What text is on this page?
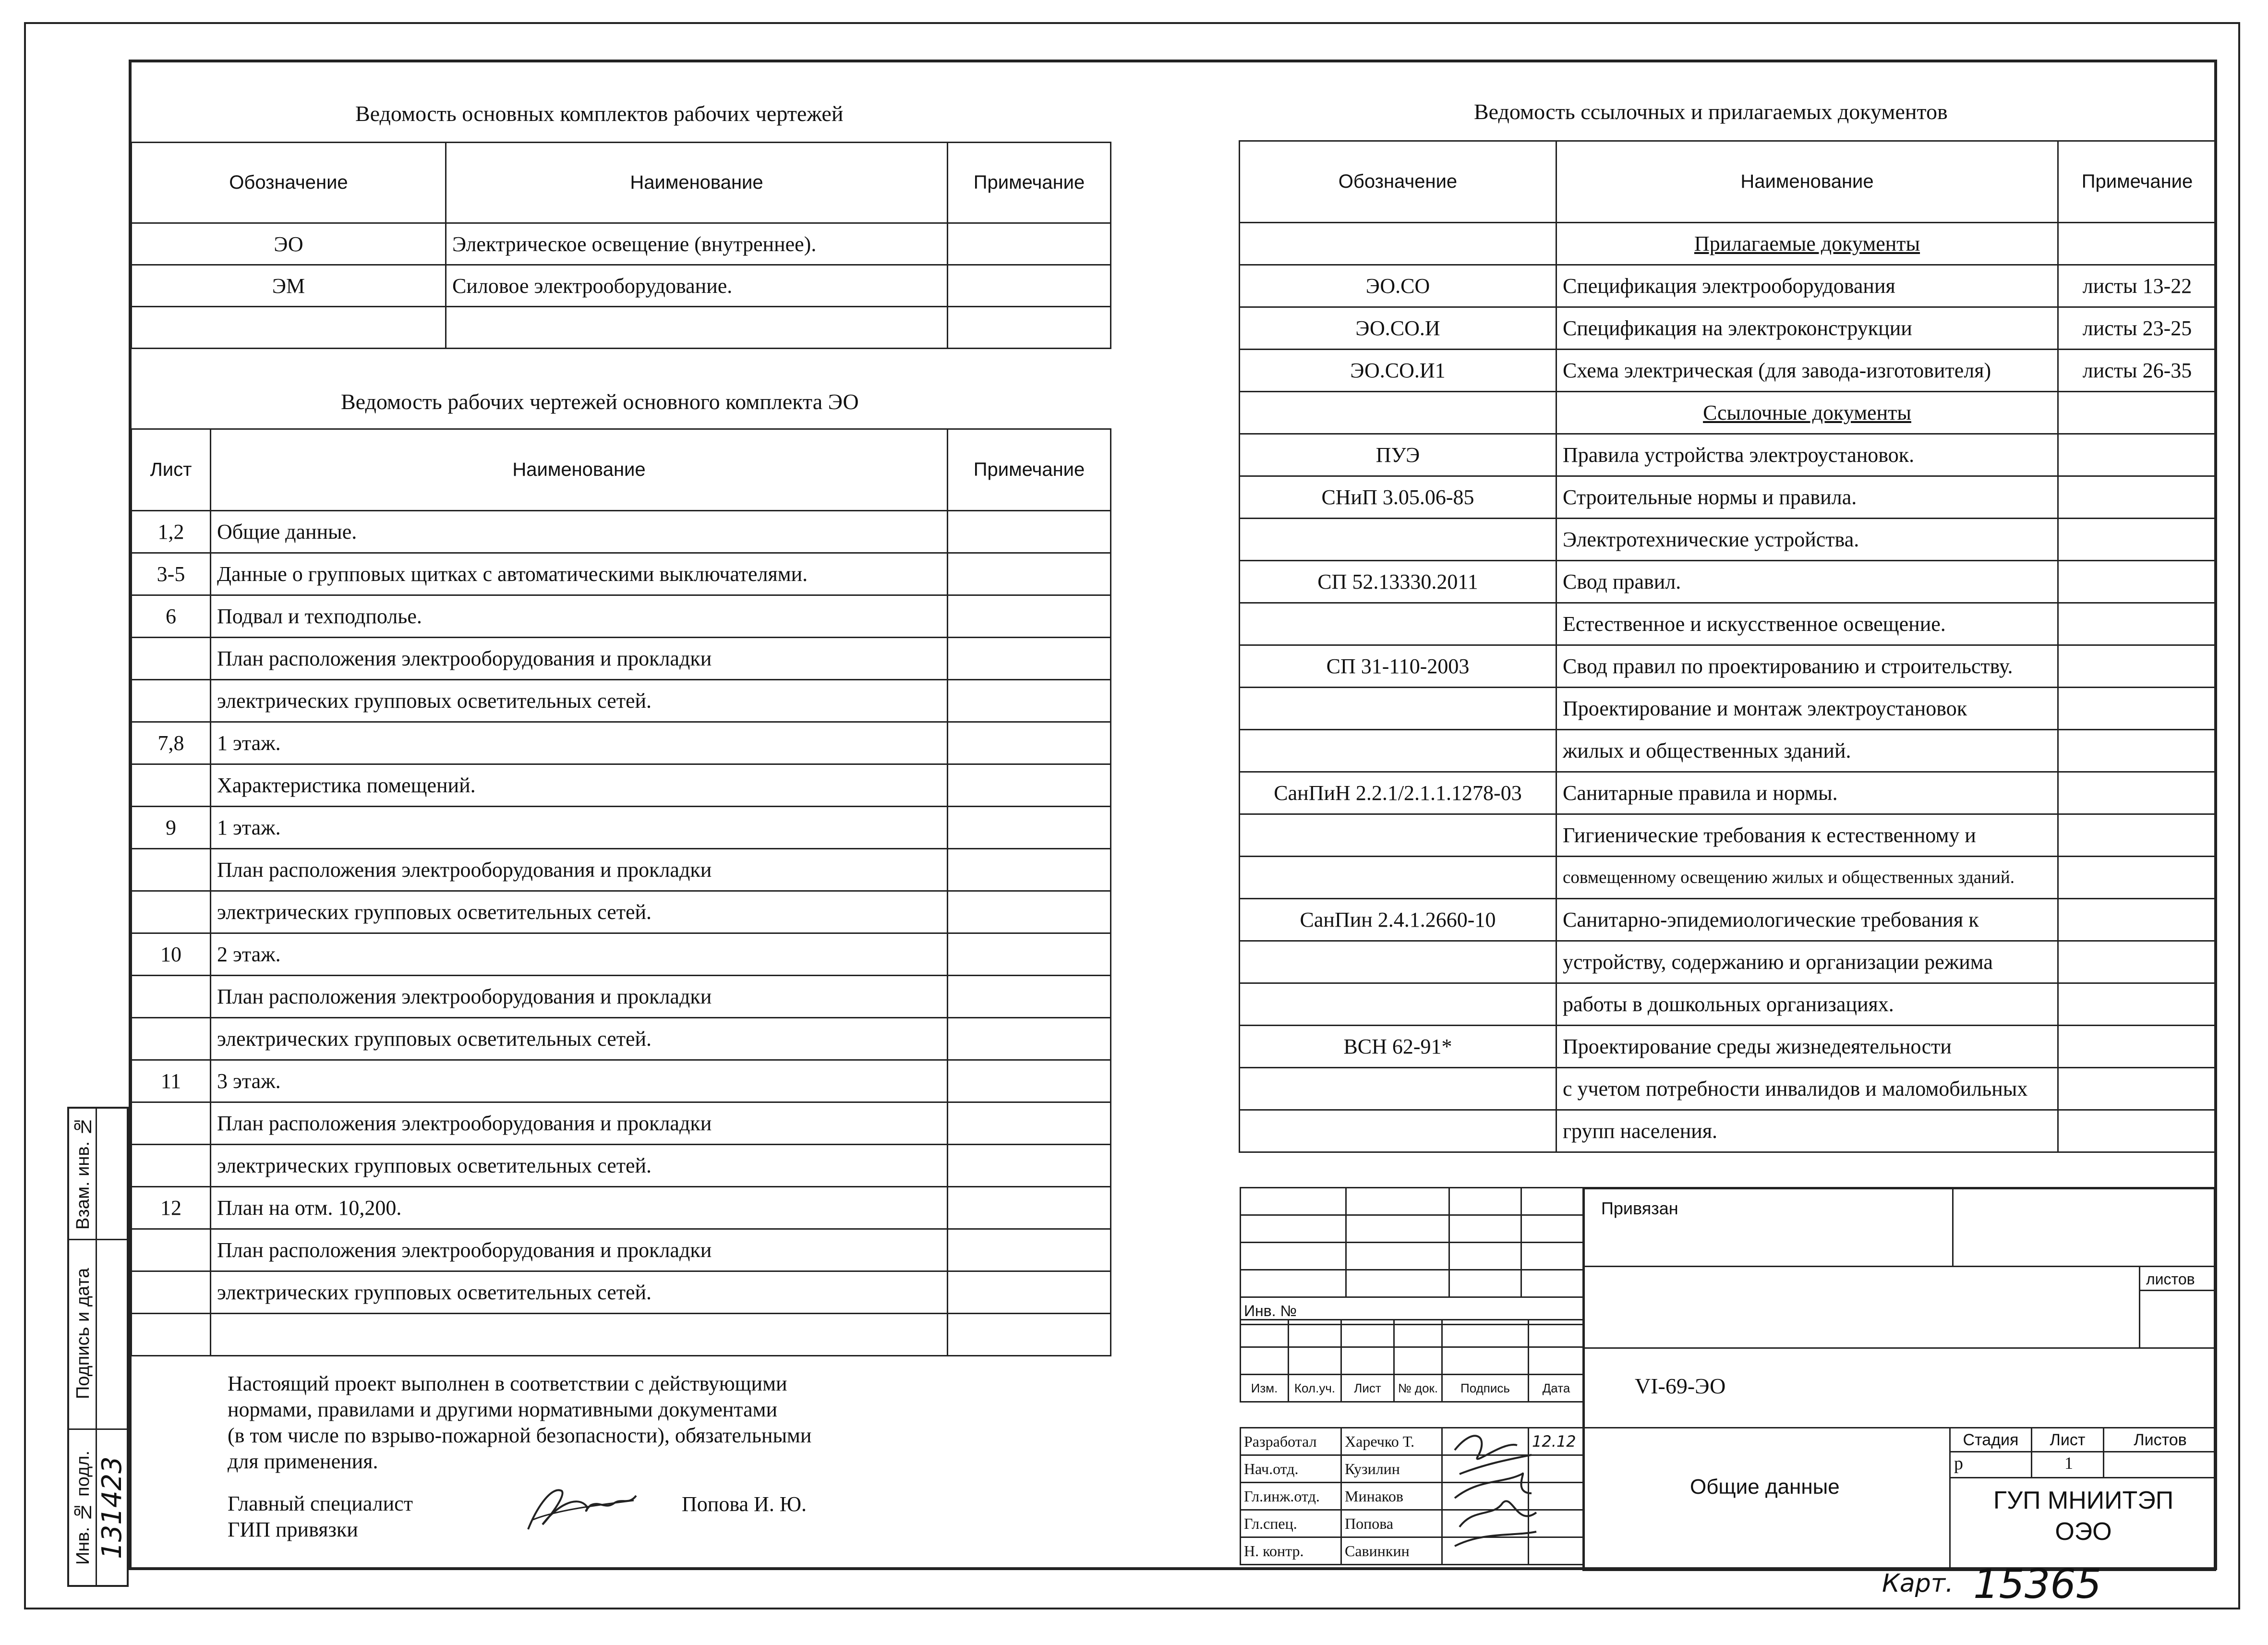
Ведомость основных комплектов рабочих чертежей
Обозначение	Наименование	Примечание
ЭО	Электрическое освещение (внутреннее).	
ЭМ	Силовое электрооборудование.	

Ведомость рабочих чертежей основного комплекта ЭО
Лист	Наименование	Примечание
1,2	Общие данные.	
3-5	Данные о групповых щитках с автоматическими выключателями.	
6	Подвал и техподполье.	
	План расположения электрооборудования и прокладки	
	электрических групповых осветительных сетей.	
7,8	1 этаж.	
	Характеристика помещений.	
9	1 этаж.	
	План расположения электрооборудования и прокладки	
	электрических групповых осветительных сетей.	
10	2 этаж.	
	План расположения электрооборудования и прокладки	
	электрических групповых осветительных сетей.	
11	3 этаж.	
	План расположения электрооборудования и прокладки	
	электрических групповых осветительных сетей.	
12	План на отм. 10,200.	
	План расположения электрооборудования и прокладки	
	электрических групповых осветительных сетей.	

Ведомость ссылочных и прилагаемых документов
Обозначение	Наименование	Примечание
	Прилагаемые документы	
ЭО.СО	Спецификация электрооборудования	листы 13-22
ЭО.СО.И	Спецификация на электроконструкции	листы 23-25
ЭО.СО.И1	Схема электрическая (для завода-изготовителя)	листы 26-35
	Ссылочные документы	
ПУЭ	Правила устройства электроустановок.	
СНиП 3.05.06-85	Строительные нормы и правила.	
	Электротехнические устройства.	
СП 52.13330.2011	Свод правил.	
	Естественное и искусственное освещение.	
СП 31-110-2003	Свод правил по проектированию и строительству.	
	Проектирование и монтаж электроустановок	
	жилых и общественных зданий.	
СанПиН 2.2.1/2.1.1.1278-03	Санитарные правила и нормы.	
	Гигиенические требования к естественному и	
	совмещенному освещению жилых и общественных зданий.	
СанПин 2.4.1.2660-10	Санитарно-эпидемиологические требования к	
	устройству, содержанию и организации режима	
	работы в дошкольных организациях.	
ВСН 62-91*	Проектирование среды жизнедеятельности	
	с учетом потребности инвалидов и маломобильных	
	групп населения.	
Настоящий проект выполнен в соответствии с действующими
нормами, правилами и другими нормативными документами
(в том числе по взрыво-пожарной безопасности), обязательными
для применения.
Главный специалист
ГИП привязки
Попова И. Ю.
Взам. инв. №
Подпись и дата
Инв. № подл. 131423

Инв. №			

Изм.	Кол.уч.	Лист	№ док.	Подпись	Дата
Разработал	Харечко Т.		12.12
Нач.отд.	Кузилин		
Гл.инж.отд.	Минаков		
Гл.спец.	Попова		
Н. контр.	Савинкин		
Привязан
листов
VI-69-ЭО
Стадия	Лист	Листов
р	1
Общие данные	ГУП МНИИТЭП
ОЭО
Карт. 15365
